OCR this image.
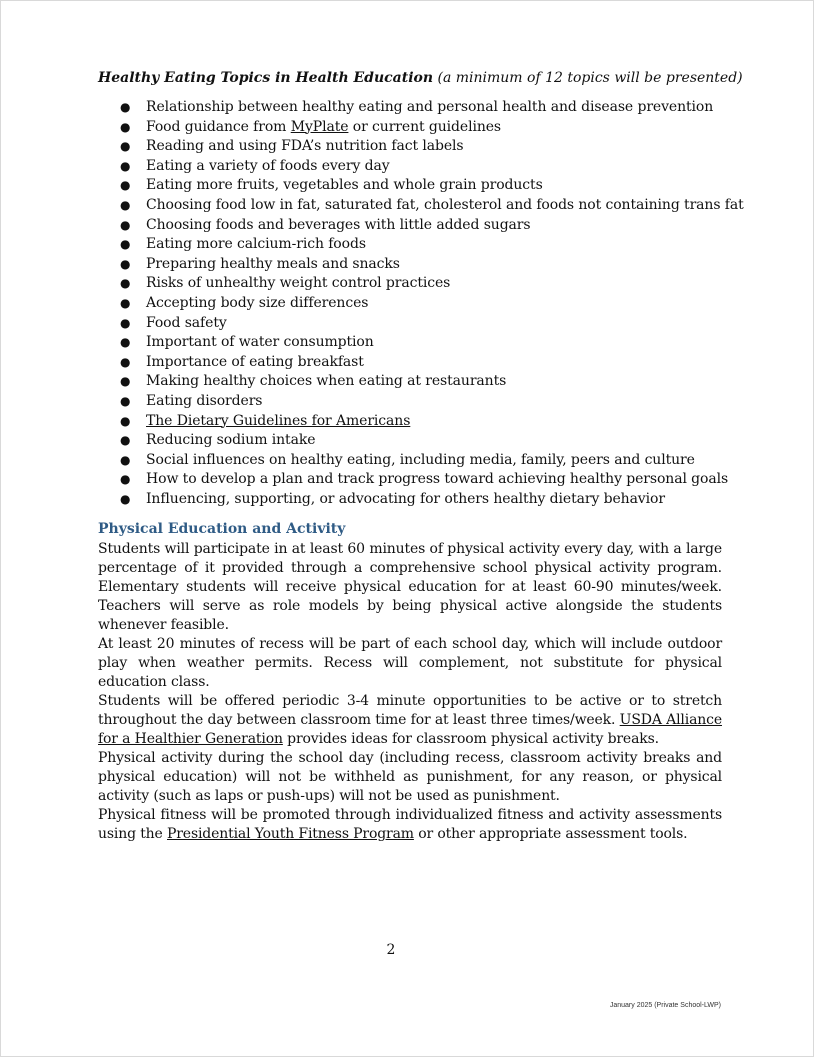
Healthy Eating Topics in Health Education (a minimum of 12 topics will be presented)
● Relationship between healthy eating and personal health and disease prevention
● Food guidance from MyPlate or current guidelines
● Reading and using FDA’s nutrition fact labels
● Eating a variety of foods every day
● Eating more fruits, vegetables and whole grain products
● Choosing food low in fat, saturated fat, cholesterol and foods not containing trans fat
● Choosing foods and beverages with little added sugars
● Eating more calcium-rich foods
● Preparing healthy meals and snacks
● Risks of unhealthy weight control practices
● Accepting body size differences
● Food safety
● Important of water consumption
● Importance of eating breakfast
● Making healthy choices when eating at restaurants
● Eating disorders
● The Dietary Guidelines for Americans
● Reducing sodium intake
● Social influences on healthy eating, including media, family, peers and culture
● How to develop a plan and track progress toward achieving healthy personal goals
● Influencing, supporting, or advocating for others healthy dietary behavior
Physical Education and Activity

Students will participate in at least 60 minutes of physical activity every day, with a large percentage of it provided through a comprehensive school physical activity program. Elementary students will receive physical education for at least 60-90 minutes/week. Teachers will serve as role models by being physical active alongside the students whenever feasible.

At least 20 minutes of recess will be part of each school day, which will include outdoor play when weather permits. Recess will complement, not substitute for physical education class.

Students will be offered periodic 3-4 minute opportunities to be active or to stretch throughout the day between classroom time for at least three times/week. USDA Alliance for a Healthier Generation provides ideas for classroom physical activity breaks.

Physical activity during the school day (including recess, classroom activity breaks and physical education) will not be withheld as punishment, for any reason, or physical activity (such as laps or push-ups) will not be used as punishment.

Physical fitness will be promoted through individualized fitness and activity assessments using the Presidential Youth Fitness Program or other appropriate assessment tools.

2
January 2025 (Private School-LWP)
